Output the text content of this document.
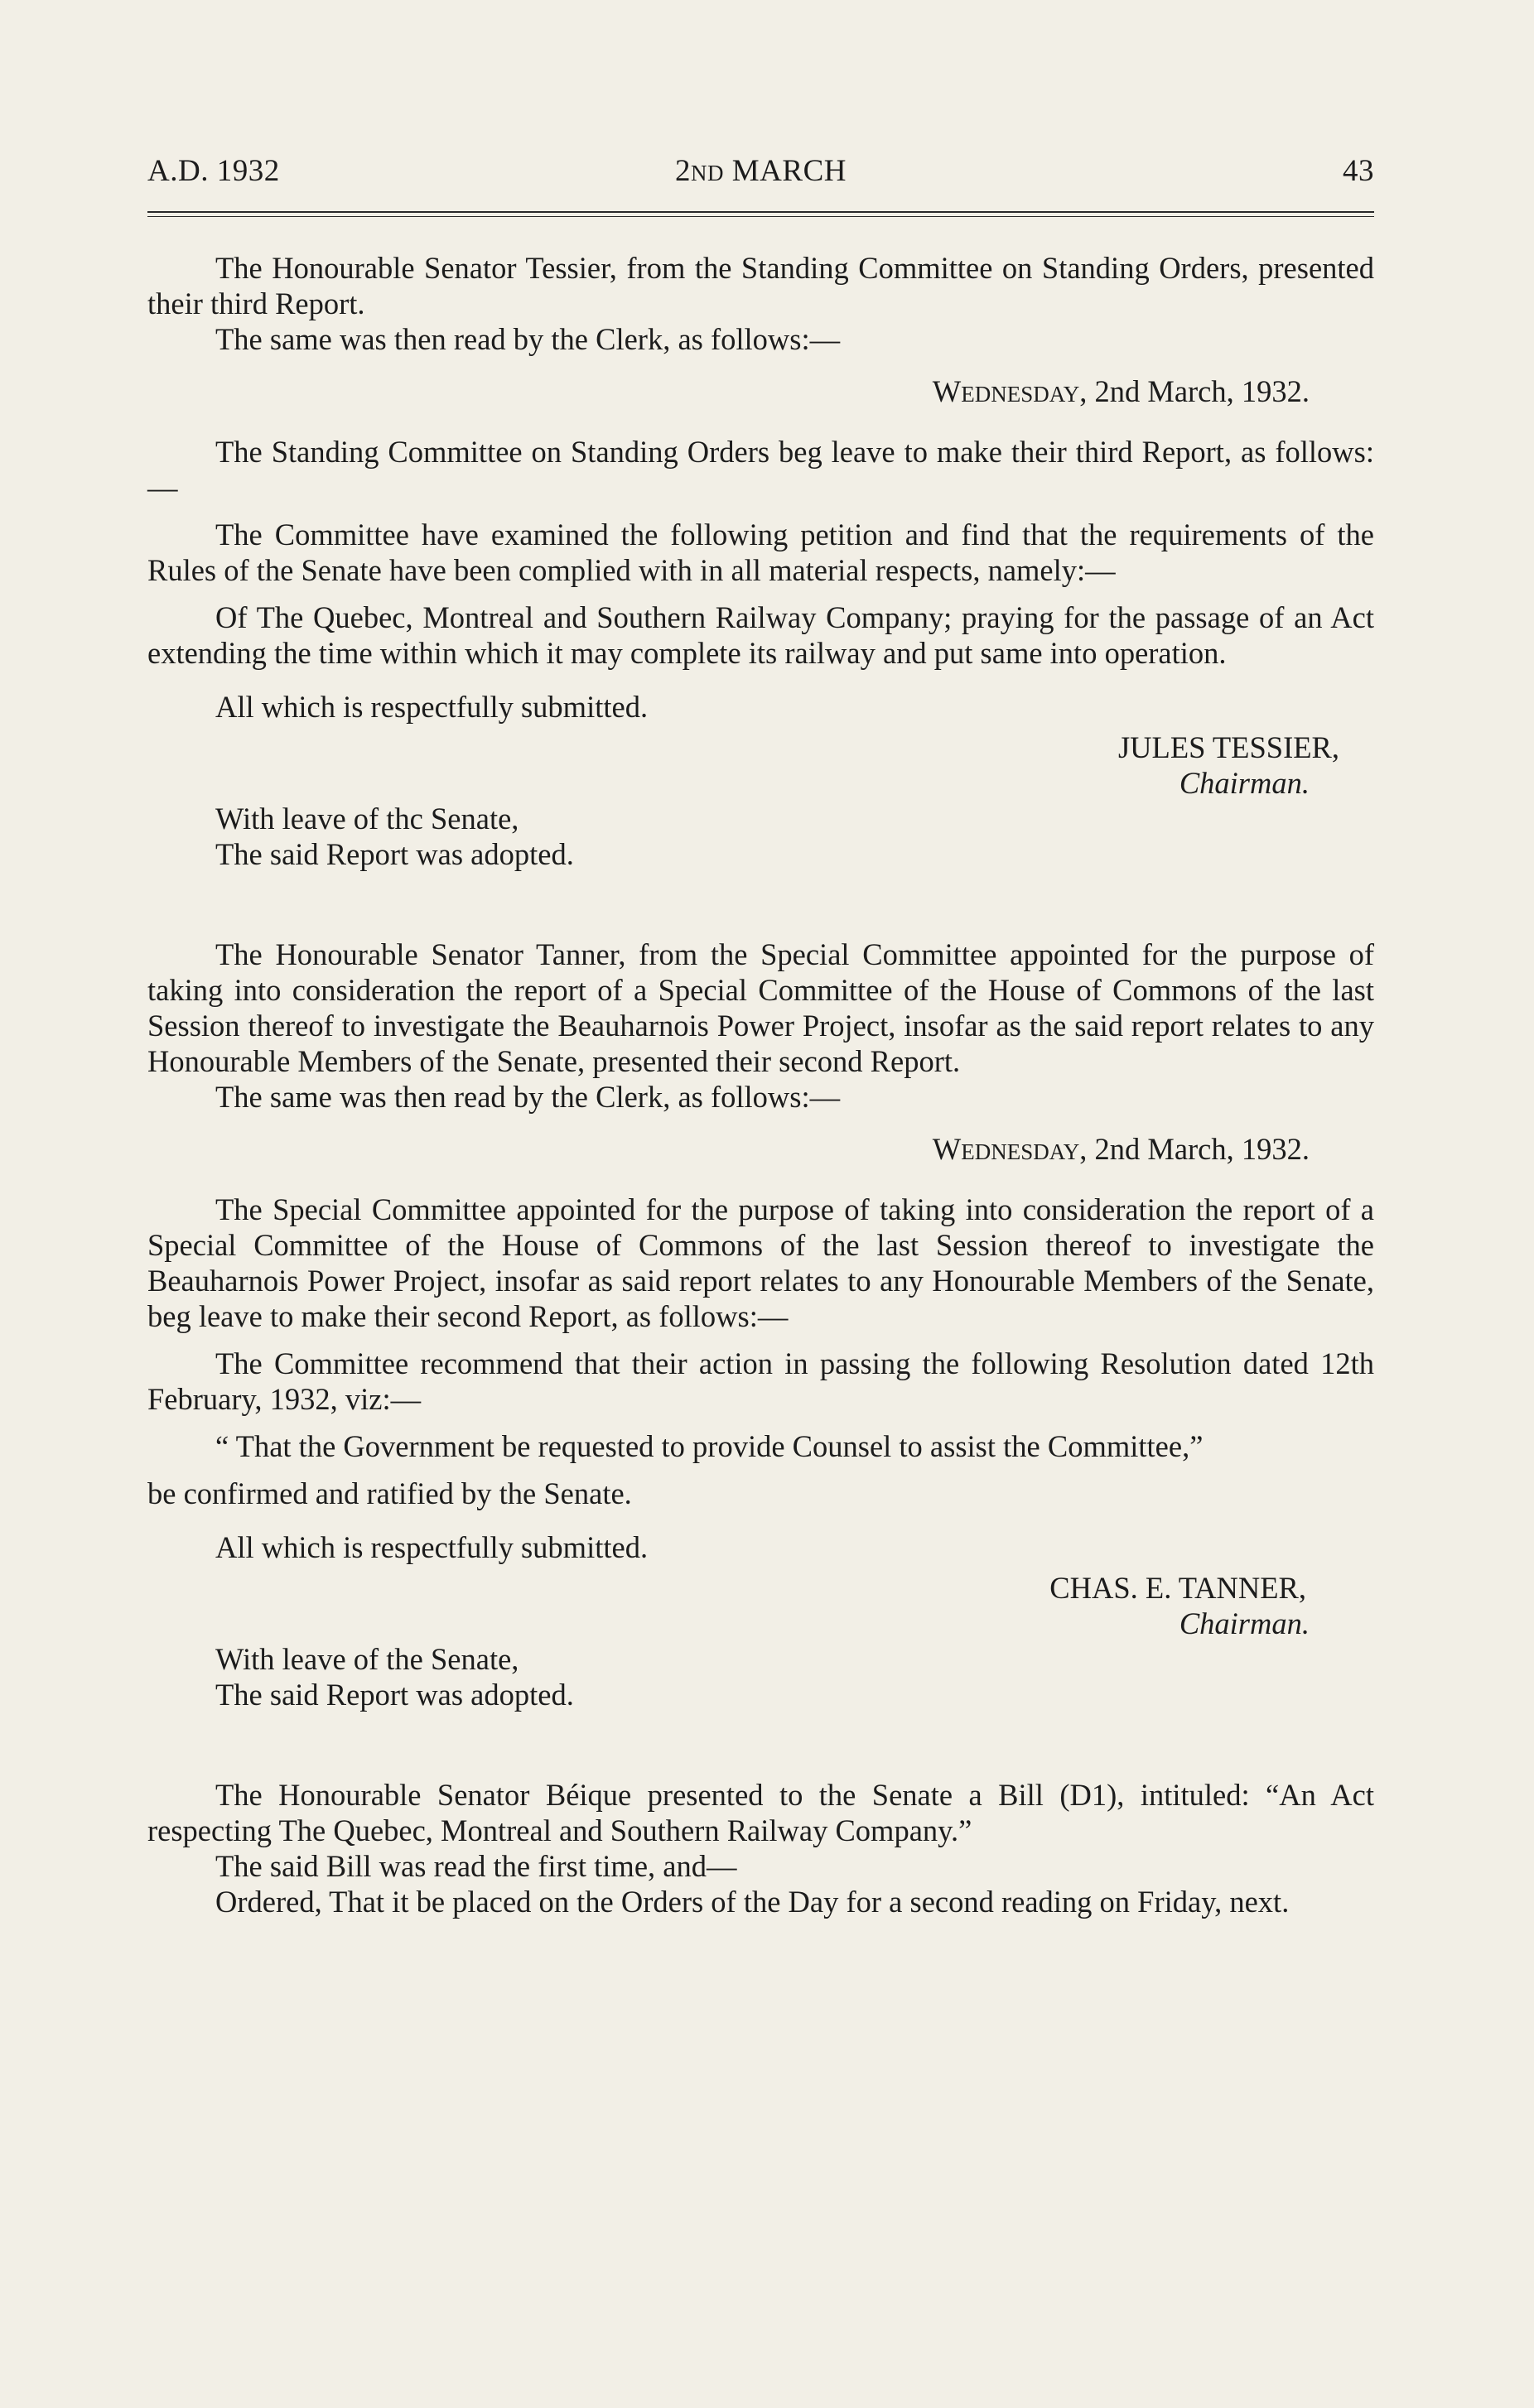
A.D. 1932	2ND MARCH	43

The Honourable Senator Tessier, from the Standing Committee on Standing Orders, presented their third Report.

The same was then read by the Clerk, as follows:—

WEDNESDAY, 2nd March, 1932.

The Standing Committee on Standing Orders beg leave to make their third Report, as follows:—

The Committee have examined the following petition and find that the requirements of the Rules of the Senate have been complied with in all material respects, namely:—

Of The Quebec, Montreal and Southern Railway Company; praying for the passage of an Act extending the time within which it may complete its railway and put same into operation.

All which is respectfully submitted.

JULES TESSIER,
Chairman.

With leave of thc Senate,

The said Report was adopted.

The Honourable Senator Tanner, from the Special Committee appointed for the purpose of taking into consideration the report of a Special Committee of the House of Commons of the last Session thereof to investigate the Beauharnois Power Project, insofar as the said report relates to any Honourable Members of the Senate, presented their second Report.

The same was then read by the Clerk, as follows:—

WEDNESDAY, 2nd March, 1932.

The Special Committee appointed for the purpose of taking into consideration the report of a Special Committee of the House of Commons of the last Session thereof to investigate the Beauharnois Power Project, insofar as said report relates to any Honourable Members of the Senate, beg leave to make their second Report, as follows:—

The Committee recommend that their action in passing the following Resolution dated 12th February, 1932, viz:—

“ That the Government be requested to provide Counsel to assist the Committee,”

be confirmed and ratified by the Senate.

All which is respectfully submitted.

CHAS. E. TANNER,
Chairman.

With leave of the Senate,

The said Report was adopted.

The Honourable Senator Béique presented to the Senate a Bill (D1), intituled: “An Act respecting The Quebec, Montreal and Southern Railway Company.”

The said Bill was read the first time, and—

Ordered, That it be placed on the Orders of the Day for a second reading on Friday, next.
